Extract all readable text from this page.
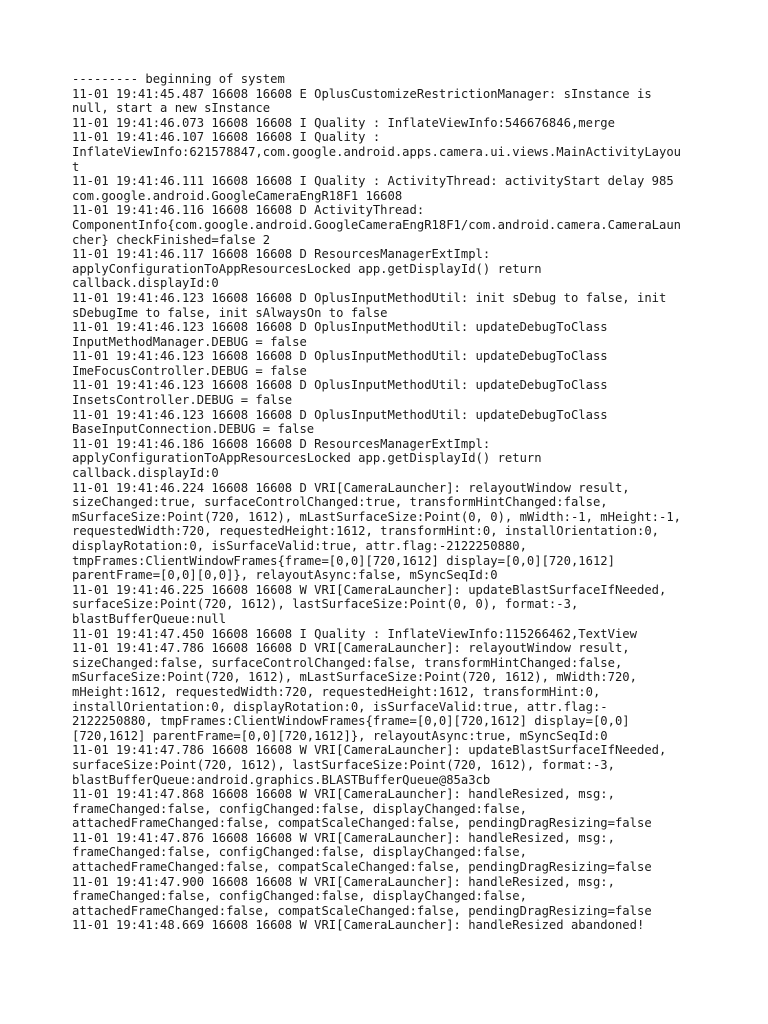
--------- beginning of system
11-01 19:41:45.487 16608 16608 E OplusCustomizeRestrictionManager: sInstance is
null, start a new sInstance
11-01 19:41:46.073 16608 16608 I Quality : InflateViewInfo:546676846,merge
11-01 19:41:46.107 16608 16608 I Quality :
InflateViewInfo:621578847,com.google.android.apps.camera.ui.views.MainActivityLayou
t
11-01 19:41:46.111 16608 16608 I Quality : ActivityThread: activityStart delay 985
com.google.android.GoogleCameraEngR18F1 16608
11-01 19:41:46.116 16608 16608 D ActivityThread:
ComponentInfo{com.google.android.GoogleCameraEngR18F1/com.android.camera.CameraLaun
cher} checkFinished=false 2
11-01 19:41:46.117 16608 16608 D ResourcesManagerExtImpl:
applyConfigurationToAppResourcesLocked app.getDisplayId() return
callback.displayId:0
11-01 19:41:46.123 16608 16608 D OplusInputMethodUtil: init sDebug to false, init
sDebugIme to false, init sAlwaysOn to false
11-01 19:41:46.123 16608 16608 D OplusInputMethodUtil: updateDebugToClass
InputMethodManager.DEBUG = false
11-01 19:41:46.123 16608 16608 D OplusInputMethodUtil: updateDebugToClass
ImeFocusController.DEBUG = false
11-01 19:41:46.123 16608 16608 D OplusInputMethodUtil: updateDebugToClass
InsetsController.DEBUG = false
11-01 19:41:46.123 16608 16608 D OplusInputMethodUtil: updateDebugToClass
BaseInputConnection.DEBUG = false
11-01 19:41:46.186 16608 16608 D ResourcesManagerExtImpl:
applyConfigurationToAppResourcesLocked app.getDisplayId() return
callback.displayId:0
11-01 19:41:46.224 16608 16608 D VRI[CameraLauncher]: relayoutWindow result,
sizeChanged:true, surfaceControlChanged:true, transformHintChanged:false,
mSurfaceSize:Point(720, 1612), mLastSurfaceSize:Point(0, 0), mWidth:-1, mHeight:-1,
requestedWidth:720, requestedHeight:1612, transformHint:0, installOrientation:0,
displayRotation:0, isSurfaceValid:true, attr.flag:-2122250880,
tmpFrames:ClientWindowFrames{frame=[0,0][720,1612] display=[0,0][720,1612]
parentFrame=[0,0][0,0]}, relayoutAsync:false, mSyncSeqId:0
11-01 19:41:46.225 16608 16608 W VRI[CameraLauncher]: updateBlastSurfaceIfNeeded,
surfaceSize:Point(720, 1612), lastSurfaceSize:Point(0, 0), format:-3,
blastBufferQueue:null
11-01 19:41:47.450 16608 16608 I Quality : InflateViewInfo:115266462,TextView
11-01 19:41:47.786 16608 16608 D VRI[CameraLauncher]: relayoutWindow result,
sizeChanged:false, surfaceControlChanged:false, transformHintChanged:false,
mSurfaceSize:Point(720, 1612), mLastSurfaceSize:Point(720, 1612), mWidth:720,
mHeight:1612, requestedWidth:720, requestedHeight:1612, transformHint:0,
installOrientation:0, displayRotation:0, isSurfaceValid:true, attr.flag:-
2122250880, tmpFrames:ClientWindowFrames{frame=[0,0][720,1612] display=[0,0]
[720,1612] parentFrame=[0,0][720,1612]}, relayoutAsync:true, mSyncSeqId:0
11-01 19:41:47.786 16608 16608 W VRI[CameraLauncher]: updateBlastSurfaceIfNeeded,
surfaceSize:Point(720, 1612), lastSurfaceSize:Point(720, 1612), format:-3,
blastBufferQueue:android.graphics.BLASTBufferQueue@85a3cb
11-01 19:41:47.868 16608 16608 W VRI[CameraLauncher]: handleResized, msg:,
frameChanged:false, configChanged:false, displayChanged:false,
attachedFrameChanged:false, compatScaleChanged:false, pendingDragResizing=false
11-01 19:41:47.876 16608 16608 W VRI[CameraLauncher]: handleResized, msg:,
frameChanged:false, configChanged:false, displayChanged:false,
attachedFrameChanged:false, compatScaleChanged:false, pendingDragResizing=false
11-01 19:41:47.900 16608 16608 W VRI[CameraLauncher]: handleResized, msg:,
frameChanged:false, configChanged:false, displayChanged:false,
attachedFrameChanged:false, compatScaleChanged:false, pendingDragResizing=false
11-01 19:41:48.669 16608 16608 W VRI[CameraLauncher]: handleResized abandoned!
